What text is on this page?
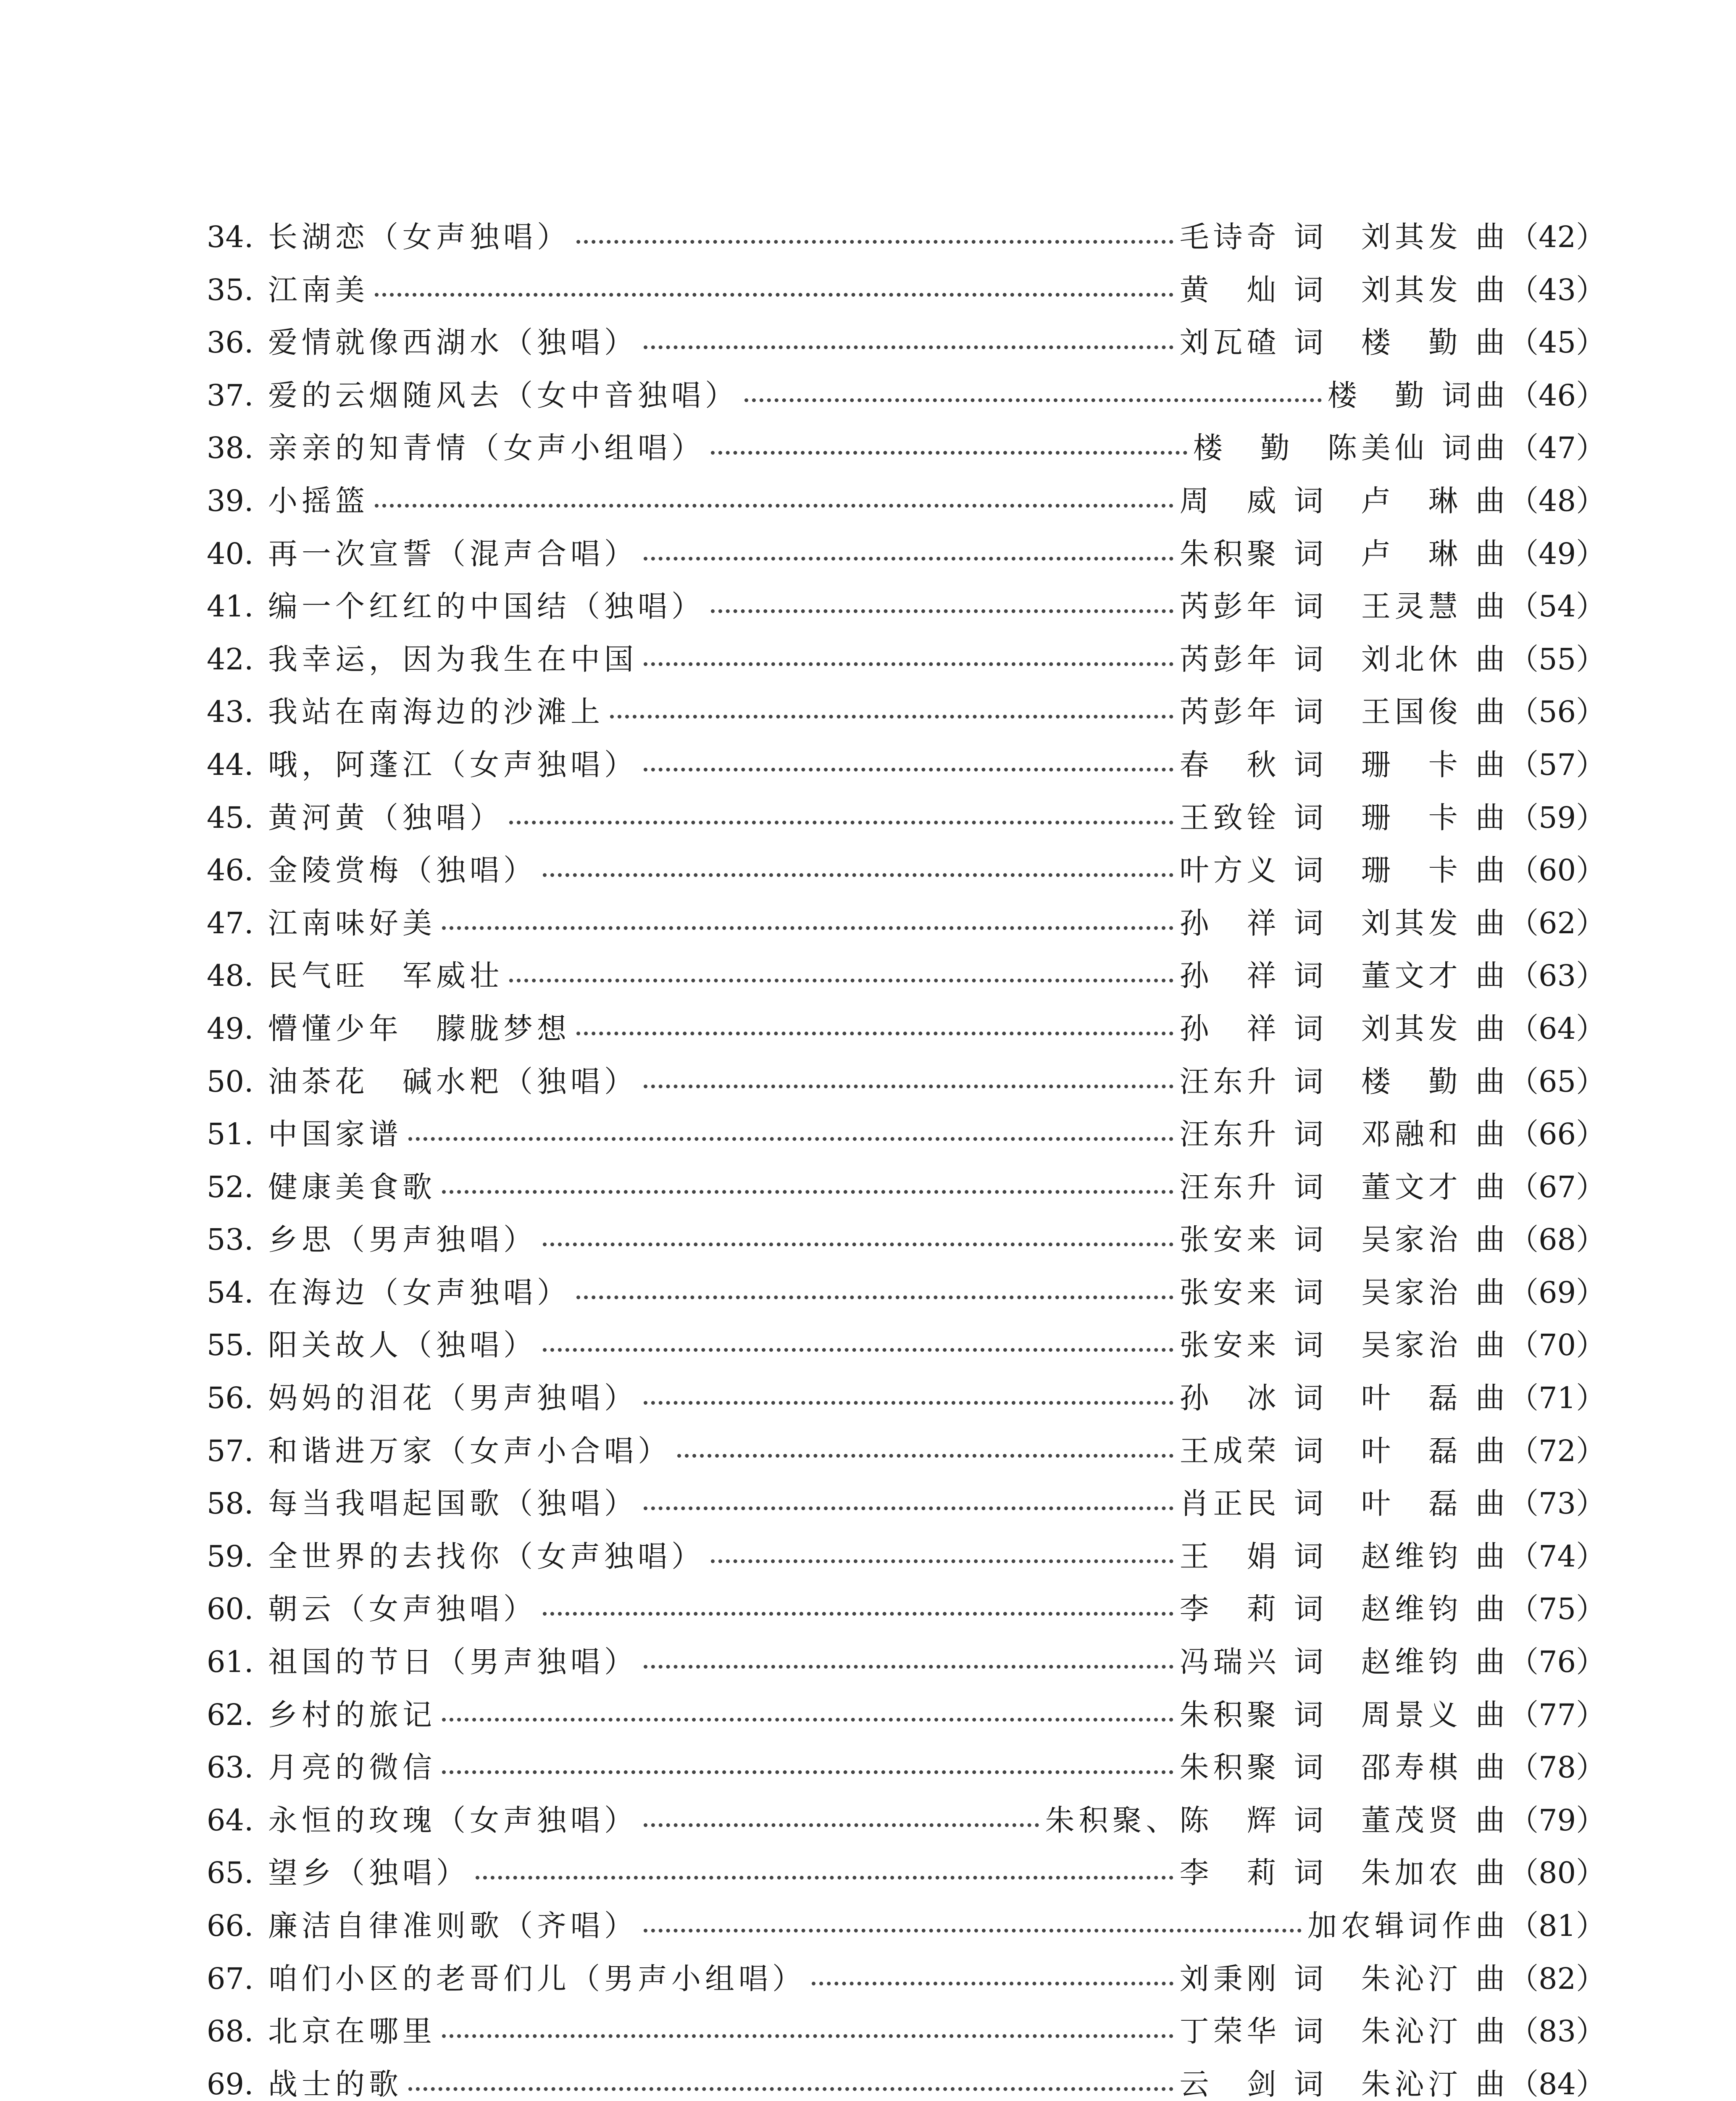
34. 长湖恋（女声独唱）	毛诗奇 词　刘其发 曲 （42）
35. 江南美	黄　灿 词　刘其发 曲 （43）
36. 爱情就像西湖水（独唱）	刘瓦碴 词　楼　勤 曲 （45）
37. 爱的云烟随风去（女中音独唱）	楼　勤 词曲 （46）
38. 亲亲的知青情（女声小组唱）	楼　勤　陈美仙 词曲 （47）
39. 小摇篮	周　威 词　卢　琳 曲 （48）
40. 再一次宣誓（混声合唱）	朱积聚 词　卢　琳 曲 （49）
41. 编一个红红的中国结（独唱）	芮彭年 词　王灵慧 曲 （54）
42. 我幸运，因为我生在中国	芮彭年 词　刘北休 曲 （55）
43. 我站在南海边的沙滩上	芮彭年 词　王国俊 曲 （56）
44. 哦，阿蓬江（女声独唱）	春　秋 词　珊　卡 曲 （57）
45. 黄河黄（独唱）	王致铨 词　珊　卡 曲 （59）
46. 金陵赏梅（独唱）	叶方义 词　珊　卡 曲 （60）
47. 江南味好美	孙　祥 词　刘其发 曲 （62）
48. 民气旺　军威壮	孙　祥 词　董文才 曲 （63）
49. 懵懂少年　朦胧梦想	孙　祥 词　刘其发 曲 （64）
50. 油茶花　碱水粑（独唱）	汪东升 词　楼　勤 曲 （65）
51. 中国家谱	汪东升 词　邓融和 曲 （66）
52. 健康美食歌	汪东升 词　董文才 曲 （67）
53. 乡思（男声独唱）	张安来 词　吴家治 曲 （68）
54. 在海边（女声独唱）	张安来 词　吴家治 曲 （69）
55. 阳关故人（独唱）	张安来 词　吴家治 曲 （70）
56. 妈妈的泪花（男声独唱）	孙　冰 词　叶　磊 曲 （71）
57. 和谐进万家（女声小合唱）	王成荣 词　叶　磊 曲 （72）
58. 每当我唱起国歌（独唱）	肖正民 词　叶　磊 曲 （73）
59. 全世界的去找你（女声独唱）	王　娟 词　赵维钧 曲 （74）
60. 朝云（女声独唱）	李　莉 词　赵维钧 曲 （75）
61. 祖国的节日（男声独唱）	冯瑞兴 词　赵维钧 曲 （76）
62. 乡村的旅记	朱积聚 词　周景义 曲 （77）
63. 月亮的微信	朱积聚 词　邵寿棋 曲 （78）
64. 永恒的玫瑰（女声独唱）	朱积聚、陈　辉 词　董茂贤 曲 （79）
65. 望乡（独唱）	李　莉 词　朱加农 曲 （80）
66. 廉洁自律准则歌（齐唱）	加农辑词作曲 （81）
67. 咱们小区的老哥们儿（男声小组唱）	刘秉刚 词　朱沁汀 曲 （82）
68. 北京在哪里	丁荣华 词　朱沁汀 曲 （83）
69. 战士的歌	云　剑 词　朱沁汀 曲 （84）
